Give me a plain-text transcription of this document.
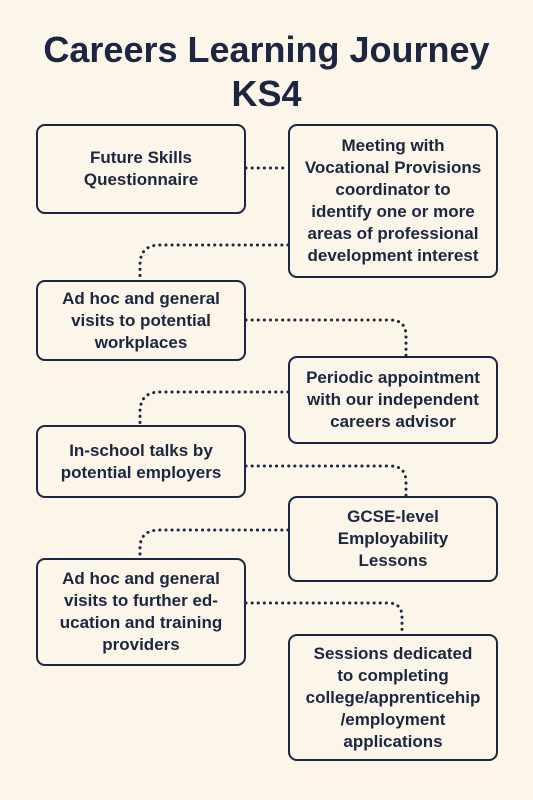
Careers Learning Journey
KS4
Future Skills
Questionnaire
Meeting with
Vocational Provisions
coordinator to
identify one or more
areas of professional
development interest
Ad hoc and general
visits to potential
workplaces
Periodic appointment
with our independent
careers advisor
In-school talks by
potential employers
GCSE-level
Employability
Lessons
Ad hoc and general
visits to further ed-
ucation and training
providers	Sessions dedicated
to completing
college/apprenticehip
/employment
applications
